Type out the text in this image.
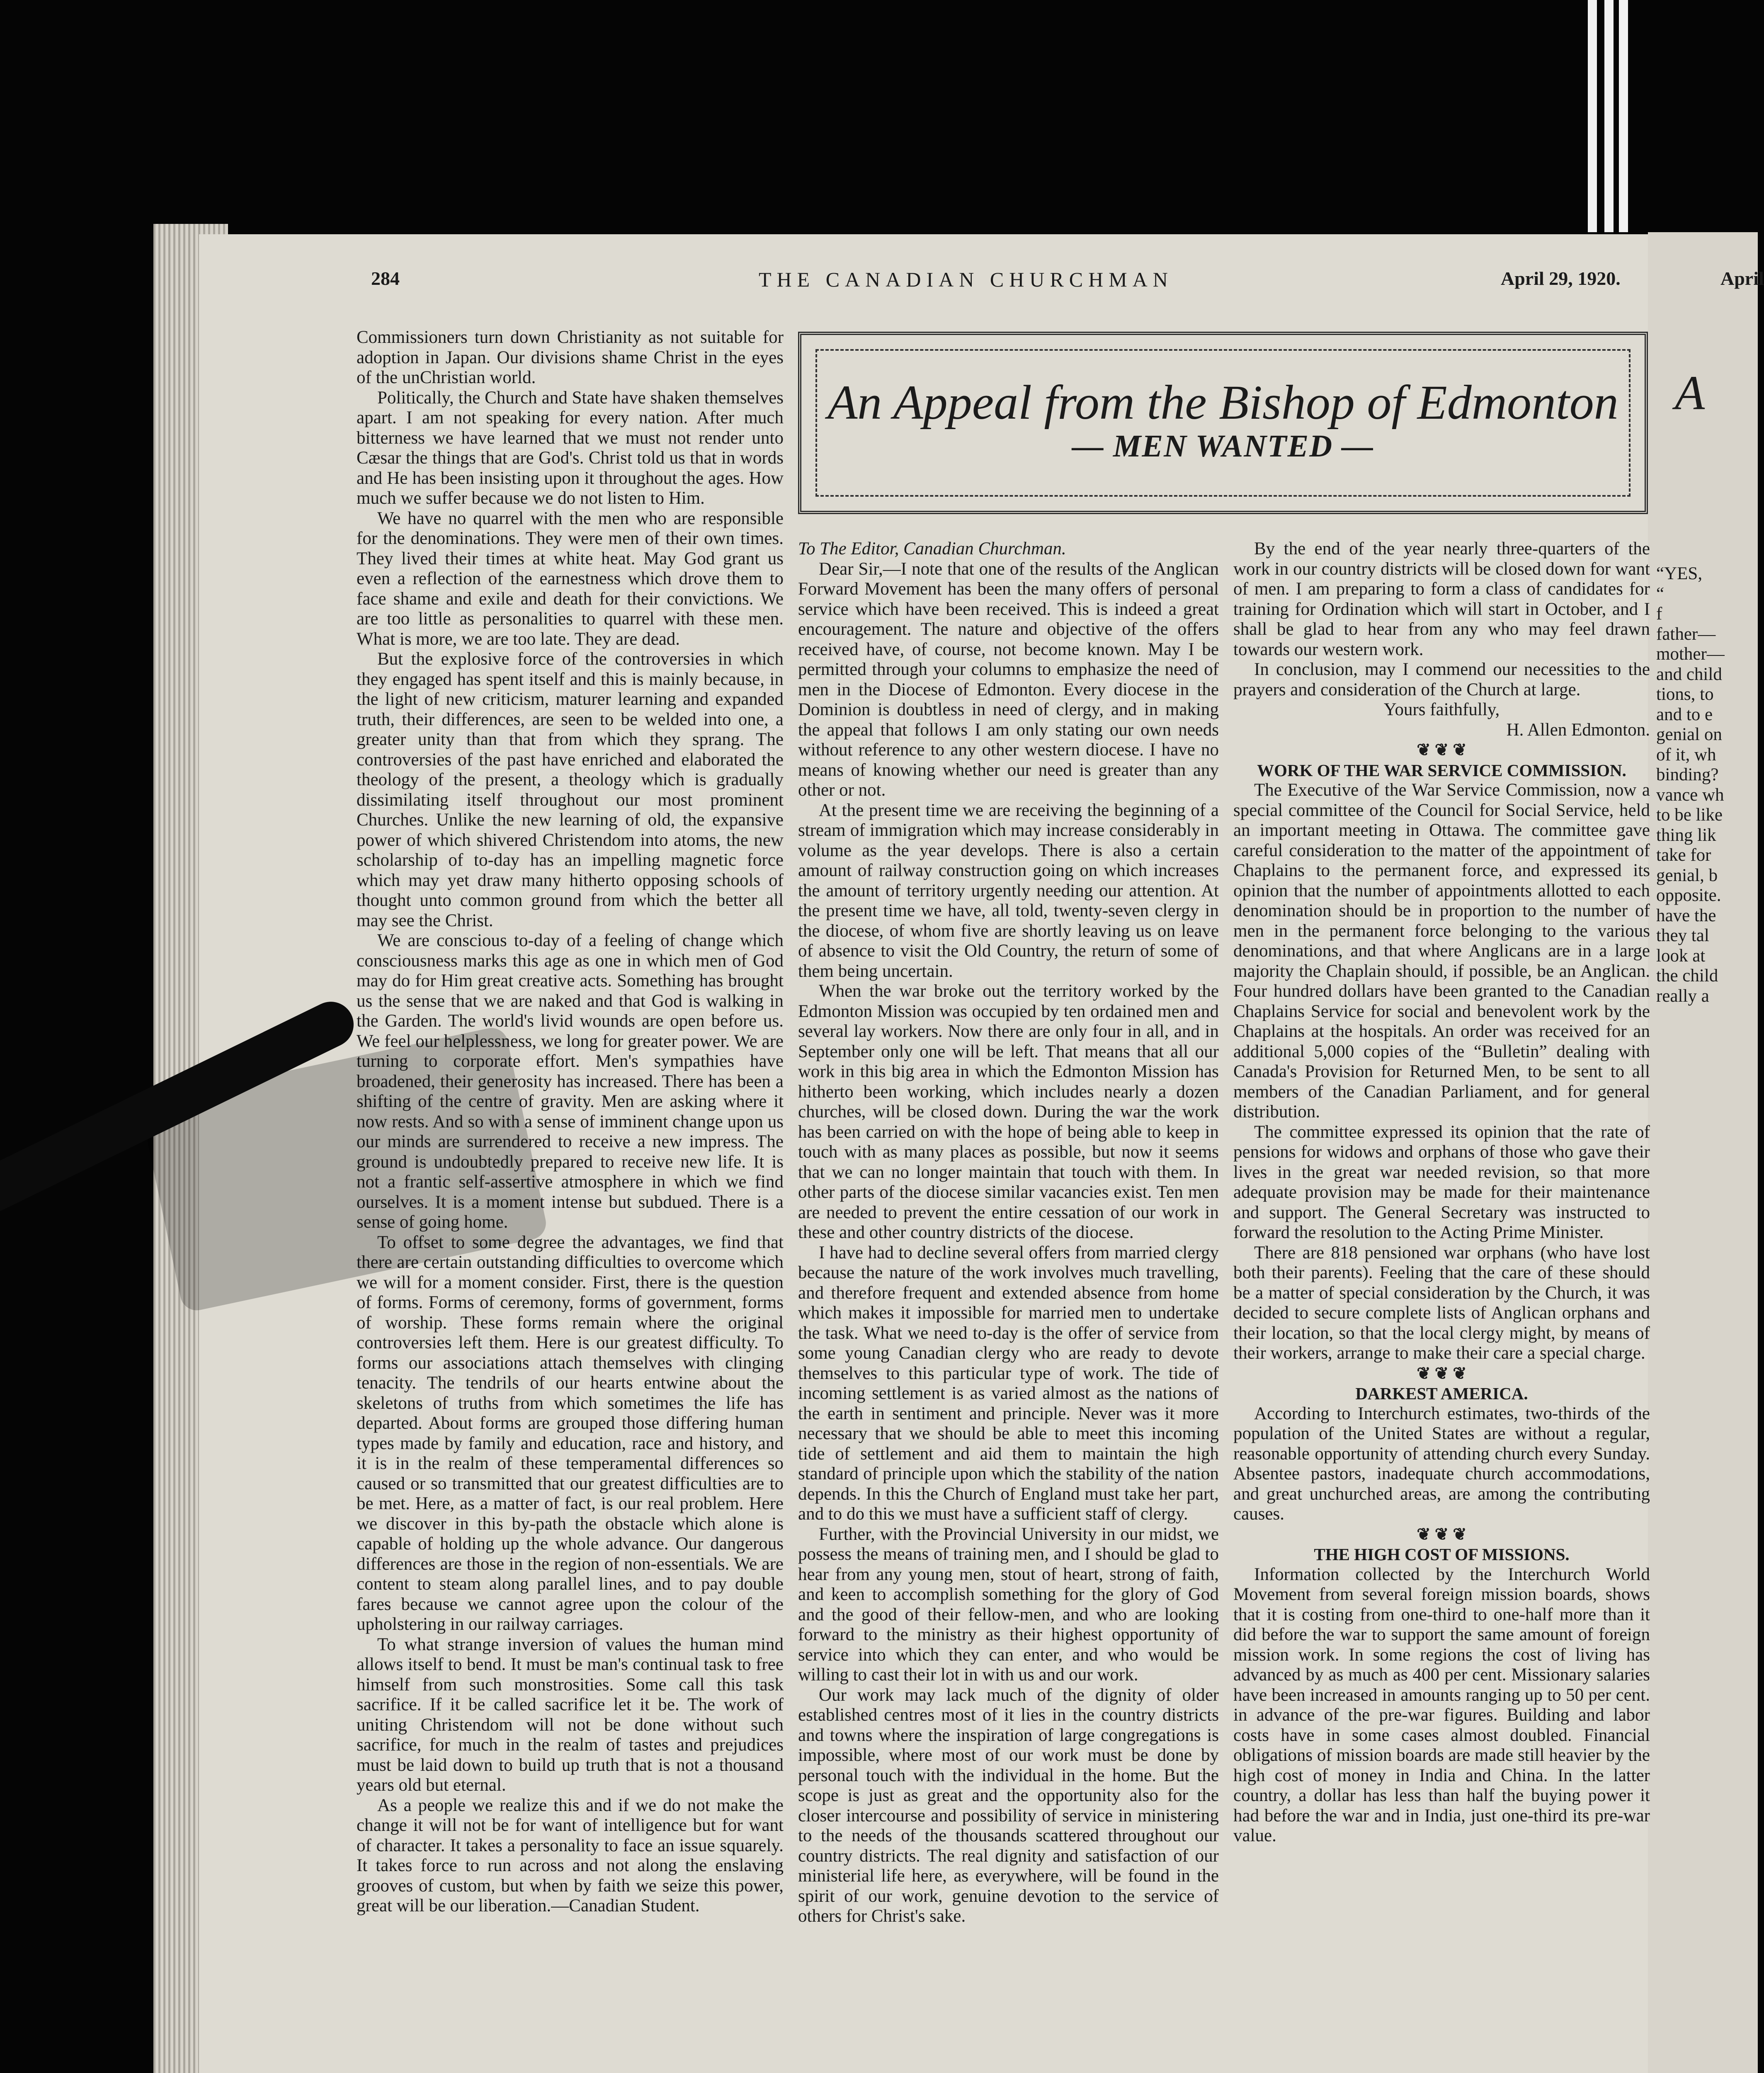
284	THE CANADIAN CHURCHMAN	April 29, 1920.

Commissioners turn down Christianity as not suitable for adoption in Japan. Our divisions shame Christ in the eyes of the unChristian world.

Politically, the Church and State have shaken themselves apart. I am not speaking for every nation. After much bitterness we have learned that we must not render unto Cæsar the things that are God's. Christ told us that in words and He has been insisting upon it throughout the ages. How much we suffer because we do not listen to Him.

We have no quarrel with the men who are responsible for the denominations. They were men of their own times. They lived their times at white heat. May God grant us even a reflection of the earnestness which drove them to face shame and exile and death for their convictions. We are too little as personalities to quarrel with these men. What is more, we are too late. They are dead.

But the explosive force of the controversies in which they engaged has spent itself and this is mainly because, in the light of new criticism, maturer learning and expanded truth, their differences, are seen to be welded into one, a greater unity than that from which they sprang. The controversies of the past have enriched and elaborated the theology of the present, a theology which is gradually dissimilating itself throughout our most prominent Churches. Unlike the new learning of old, the expansive power of which shivered Christendom into atoms, the new scholarship of to-day has an impelling magnetic force which may yet draw many hitherto opposing schools of thought unto common ground from which the better all may see the Christ.

We are conscious to-day of a feeling of change which consciousness marks this age as one in which men of God may do for Him great creative acts. Something has brought us the sense that we are naked and that God is walking in the Garden. The world's livid wounds are open before us. We feel our helplessness, we long for greater power. We are turning to corporate effort. Men's sympathies have broadened, their generosity has increased. There has been a shifting of the centre of gravity. Men are asking where it now rests. And so with a sense of imminent change upon us our minds are surrendered to receive a new impress. The ground is undoubtedly prepared to receive new life. It is not a frantic self-assertive atmosphere in which we find ourselves. It is a moment intense but subdued. There is a sense of going home.

To offset to some degree the advantages, we find that there are certain outstanding difficulties to overcome which we will for a moment consider. First, there is the question of forms. Forms of ceremony, forms of government, forms of worship. These forms remain where the original controversies left them. Here is our greatest difficulty. To forms our associations attach themselves with clinging tenacity. The tendrils of our hearts entwine about the skeletons of truths from which sometimes the life has departed. About forms are grouped those differing human types made by family and education, race and history, and it is in the realm of these temperamental differences so caused or so transmitted that our greatest difficulties are to be met. Here, as a matter of fact, is our real problem. Here we discover in this by-path the obstacle which alone is capable of holding up the whole advance. Our dangerous differences are those in the region of non-essentials. We are content to steam along parallel lines, and to pay double fares because we cannot agree upon the colour of the upholstering in our railway carriages.

To what strange inversion of values the human mind allows itself to bend. It must be man's continual task to free himself from such monstrosities. Some call this task sacrifice. If it be called sacrifice let it be. The work of uniting Christendom will not be done without such sacrifice, for much in the realm of tastes and prejudices must be laid down to build up truth that is not a thousand years old but eternal.

As a people we realize this and if we do not make the change it will not be for want of intelligence but for want of character. It takes a personality to face an issue squarely. It takes force to run across and not along the enslaving grooves of custom, but when by faith we seize this power, great will be our liberation.—Canadian Student.

An Appeal from the Bishop of Edmonton
— MEN WANTED —

To The Editor, Canadian Churchman.

Dear Sir,—I note that one of the results of the Anglican Forward Movement has been the many offers of personal service which have been received. This is indeed a great encouragement. The nature and objective of the offers received have, of course, not become known. May I be permitted through your columns to emphasize the need of men in the Diocese of Edmonton. Every diocese in the Dominion is doubtless in need of clergy, and in making the appeal that follows I am only stating our own needs without reference to any other western diocese. I have no means of knowing whether our need is greater than any other or not.

At the present time we are receiving the beginning of a stream of immigration which may increase considerably in volume as the year develops. There is also a certain amount of railway construction going on which increases the amount of territory urgently needing our attention. At the present time we have, all told, twenty-seven clergy in the diocese, of whom five are shortly leaving us on leave of absence to visit the Old Country, the return of some of them being uncertain.

When the war broke out the territory worked by the Edmonton Mission was occupied by ten ordained men and several lay workers. Now there are only four in all, and in September only one will be left. That means that all our work in this big area in which the Edmonton Mission has hitherto been working, which includes nearly a dozen churches, will be closed down. During the war the work has been carried on with the hope of being able to keep in touch with as many places as possible, but now it seems that we can no longer maintain that touch with them. In other parts of the diocese similar vacancies exist. Ten men are needed to prevent the entire cessation of our work in these and other country districts of the diocese.

I have had to decline several offers from married clergy because the nature of the work involves much travelling, and therefore frequent and extended absence from home which makes it impossible for married men to undertake the task. What we need to-day is the offer of service from some young Canadian clergy who are ready to devote themselves to this particular type of work. The tide of incoming settlement is as varied almost as the nations of the earth in sentiment and principle. Never was it more necessary that we should be able to meet this incoming tide of settlement and aid them to maintain the high standard of principle upon which the stability of the nation depends. In this the Church of England must take her part, and to do this we must have a sufficient staff of clergy.

Further, with the Provincial University in our midst, we possess the means of training men, and I should be glad to hear from any young men, stout of heart, strong of faith, and keen to accomplish something for the glory of God and the good of their fellow-men, and who are looking forward to the ministry as their highest opportunity of service into which they can enter, and who would be willing to cast their lot in with us and our work.

Our work may lack much of the dignity of older established centres most of it lies in the country districts and towns where the inspiration of large congregations is impossible, where most of our work must be done by personal touch with the individual in the home. But the scope is just as great and the opportunity also for the closer intercourse and possibility of service in ministering to the needs of the thousands scattered throughout our country districts. The real dignity and satisfaction of our ministerial life here, as everywhere, will be found in the spirit of our work, genuine devotion to the service of others for Christ's sake.

By the end of the year nearly three-quarters of the work in our country districts will be closed down for want of men. I am preparing to form a class of candidates for training for Ordination which will start in October, and I shall be glad to hear from any who may feel drawn towards our western work.

In conclusion, may I commend our necessities to the prayers and consideration of the Church at large.

Yours faithfully,

H. Allen Edmonton.

❦ ❦ ❦

WORK OF THE WAR SERVICE COMMISSION.

The Executive of the War Service Commission, now a special committee of the Council for Social Service, held an important meeting in Ottawa. The committee gave careful consideration to the matter of the appointment of Chaplains to the permanent force, and expressed its opinion that the number of appointments allotted to each denomination should be in proportion to the number of men in the permanent force belonging to the various denominations, and that where Anglicans are in a large majority the Chaplain should, if possible, be an Anglican. Four hundred dollars have been granted to the Canadian Chaplains Service for social and benevolent work by the Chaplains at the hospitals. An order was received for an additional 5,000 copies of the “Bulletin” dealing with Canada's Provision for Returned Men, to be sent to all members of the Canadian Parliament, and for general distribution.

The committee expressed its opinion that the rate of pensions for widows and orphans of those who gave their lives in the great war needed revision, so that more adequate provision may be made for their maintenance and support. The General Secretary was instructed to forward the resolution to the Acting Prime Minister.

There are 818 pensioned war orphans (who have lost both their parents). Feeling that the care of these should be a matter of special consideration by the Church, it was decided to secure complete lists of Anglican orphans and their location, so that the local clergy might, by means of their workers, arrange to make their care a special charge.

❦ ❦ ❦

DARKEST AMERICA.

According to Interchurch estimates, two-thirds of the population of the United States are without a regular, reasonable opportunity of attending church every Sunday. Absentee pastors, inadequate church accommodations, and great unchurched areas, are among the contributing causes.

❦ ❦ ❦

THE HIGH COST OF MISSIONS.

Information collected by the Interchurch World Movement from several foreign mission boards, shows that it is costing from one-third to one-half more than it did before the war to support the same amount of foreign mission work. In some regions the cost of living has advanced by as much as 400 per cent. Missionary salaries have been increased in amounts ranging up to 50 per cent. in advance of the pre-war figures. Building and labor costs have in some cases almost doubled. Financial obligations of mission boards are made still heavier by the high cost of money in India and China. In the latter country, a dollar has less than half the buying power it had before the war and in India, just one-third its pre-war value.

April
A
“YES,
“
f
father—
mother—
and child
tions, to
and to e
genial on
of it, wh
binding?
vance wh
to be like
thing lik
take for
genial, b
opposite.
have the
they tal
look at
the child
really a
